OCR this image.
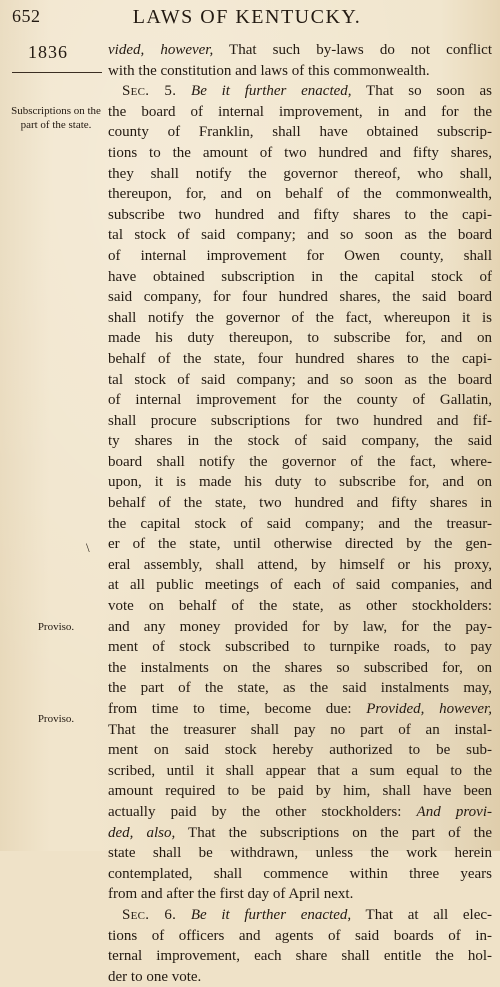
652	LAWS OF KENTUCKY.
1836
Subscriptions on the part of the state.
Proviso.
Proviso.
\
vided, however, That such by-laws do not conflict
with the constitution and laws of this commonwealth.
Sec. 5. Be it further enacted, That so soon as
the board of internal improvement, in and for the
county of Franklin, shall have obtained subscrip-
tions to the amount of two hundred and fifty shares,
they shall notify the governor thereof, who shall,
thereupon, for, and on behalf of the commonwealth,
subscribe two hundred and fifty shares to the capi-
tal stock of said company; and so soon as the board
of internal improvement for Owen county, shall
have obtained subscription in the capital stock of
said company, for four hundred shares, the said board
shall notify the governor of the fact, whereupon it is
made his duty thereupon, to subscribe for, and on
behalf of the state, four hundred shares to the capi-
tal stock of said company; and so soon as the board
of internal improvement for the county of Gallatin,
shall procure subscriptions for two hundred and fif-
ty shares in the stock of said company, the said
board shall notify the governor of the fact, where-
upon, it is made his duty to subscribe for, and on
behalf of the state, two hundred and fifty shares in
the capital stock of said company; and the treasur-
er of the state, until otherwise directed by the gen-
eral assembly, shall attend, by himself or his proxy,
at all public meetings of each of said companies, and
vote on behalf of the state, as other stockholders:
and any money provided for by law, for the pay-
ment of stock subscribed to turnpike roads, to pay
the instalments on the shares so subscribed for, on
the part of the state, as the said instalments may,
from time to time, become due: Provided, however,
That the treasurer shall pay no part of an instal-
ment on said stock hereby authorized to be sub-
scribed, until it shall appear that a sum equal to the
amount required to be paid by him, shall have been
actually paid by the other stockholders: And provi-
ded, also, That the subscriptions on the part of the
state shall be withdrawn, unless the work herein
contemplated, shall commence within three years
from and after the first day of April next.
Sec. 6. Be it further enacted, That at all elec-
tions of officers and agents of said boards of in-
ternal improvement, each share shall entitle the hol-
der to one vote.
